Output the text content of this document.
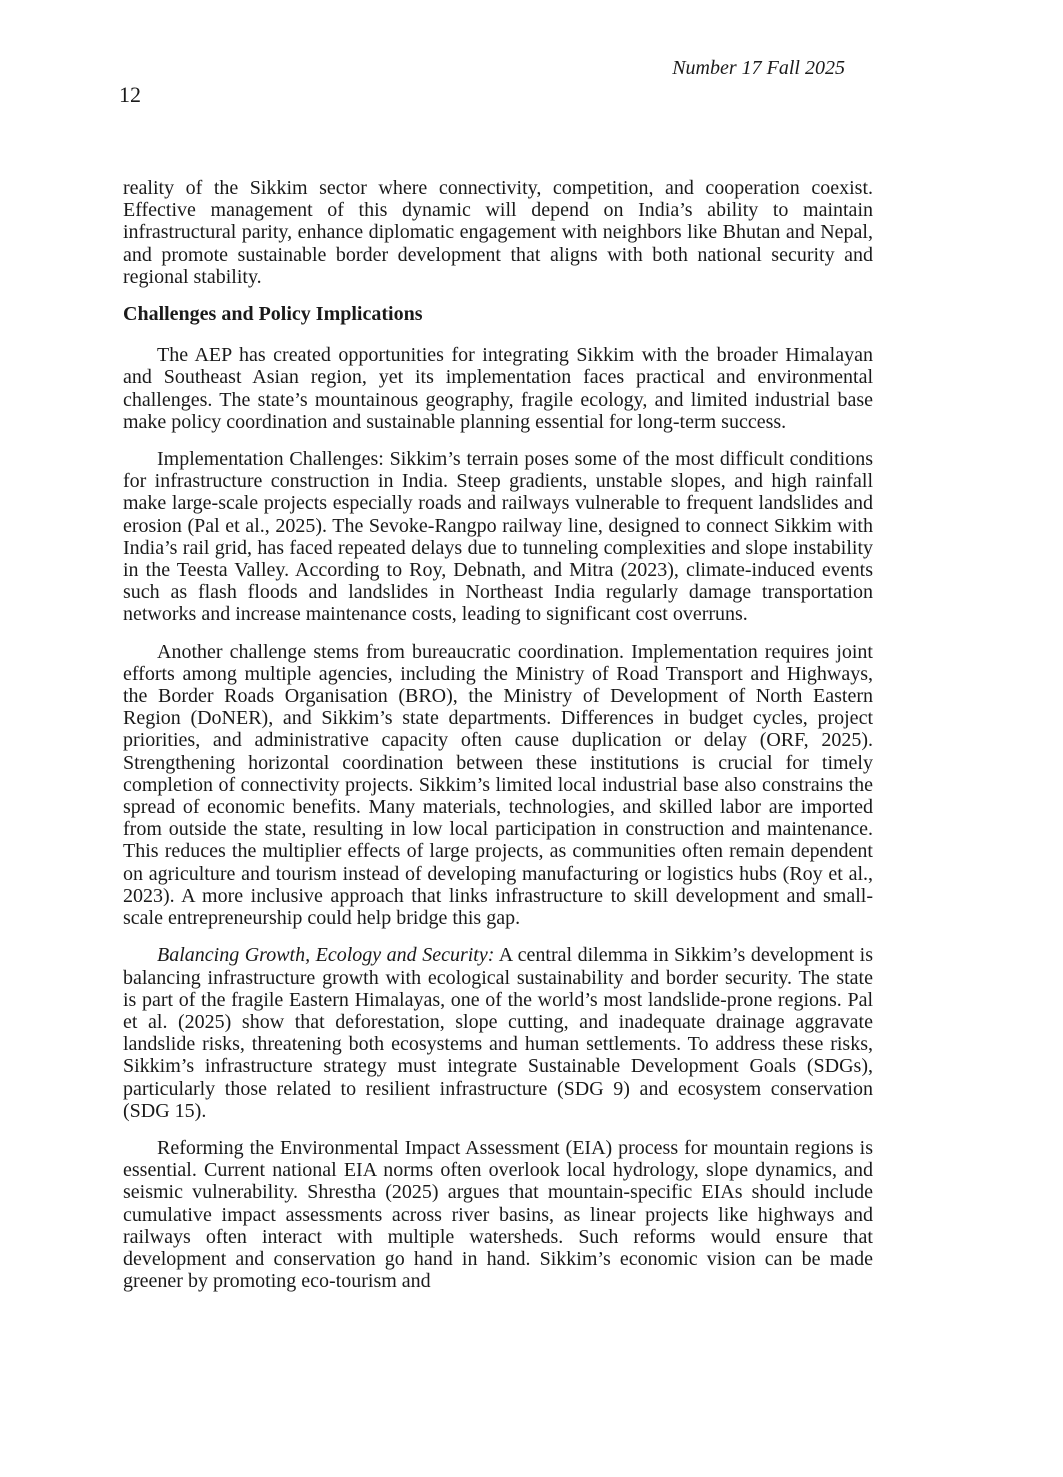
Number 17 Fall 2025
12

reality of the Sikkim sector where connectivity, competition, and cooperation coexist. Effective management of this dynamic will depend on India’s ability to maintain infrastructural parity, enhance diplomatic engagement with neighbors like Bhutan and Nepal, and promote sustainable border development that aligns with both national security and regional stability.

Challenges and Policy Implications

The AEP has created opportunities for integrating Sikkim with the broader Himalayan and Southeast Asian region, yet its implementation faces practical and environmental challenges. The state’s mountainous geography, fragile ecology, and limited industrial base make policy coordination and sustainable planning essential for long-term success.

Implementation Challenges: Sikkim’s terrain poses some of the most difficult conditions for infrastructure construction in India. Steep gradients, unstable slopes, and high rainfall make large-scale projects especially roads and railways vulnerable to frequent landslides and erosion (Pal et al., 2025). The Sevoke-Rangpo railway line, designed to connect Sikkim with India’s rail grid, has faced repeated delays due to tunneling complexities and slope instability in the Teesta Valley. According to Roy, Debnath, and Mitra (2023), climate-induced events such as flash floods and landslides in Northeast India regularly damage transportation networks and increase maintenance costs, leading to significant cost overruns.

Another challenge stems from bureaucratic coordination. Implementation requires joint efforts among multiple agencies, including the Ministry of Road Transport and Highways, the Border Roads Organisation (BRO), the Ministry of Development of North Eastern Region (DoNER), and Sikkim’s state departments. Differences in budget cycles, project priorities, and administrative capacity often cause duplication or delay (ORF, 2025). Strengthening horizontal coordination between these institutions is crucial for timely completion of connectivity projects. Sikkim’s limited local industrial base also constrains the spread of economic benefits. Many materials, technologies, and skilled labor are imported from outside the state, resulting in low local participation in construction and maintenance. This reduces the multiplier effects of large projects, as communities often remain dependent on agriculture and tourism instead of developing manufacturing or logistics hubs (Roy et al., 2023). A more inclusive approach that links infrastructure to skill development and small-scale entrepreneurship could help bridge this gap.

Balancing Growth, Ecology and Security: A central dilemma in Sikkim’s development is balancing infrastructure growth with ecological sustainability and border security. The state is part of the fragile Eastern Himalayas, one of the world’s most landslide-prone regions. Pal et al. (2025) show that deforestation, slope cutting, and inadequate drainage aggravate landslide risks, threatening both ecosystems and human settlements. To address these risks, Sikkim’s infrastructure strategy must integrate Sustainable Development Goals (SDGs), particularly those related to resilient infrastructure (SDG 9) and ecosystem conservation (SDG 15).

Reforming the Environmental Impact Assessment (EIA) process for mountain regions is essential. Current national EIA norms often overlook local hydrology, slope dynamics, and seismic vulnerability. Shrestha (2025) argues that mountain-specific EIAs should include cumulative impact assessments across river basins, as linear projects like highways and railways often interact with multiple watersheds. Such reforms would ensure that development and conservation go hand in hand. Sikkim’s economic vision can be made greener by promoting eco-tourism and
